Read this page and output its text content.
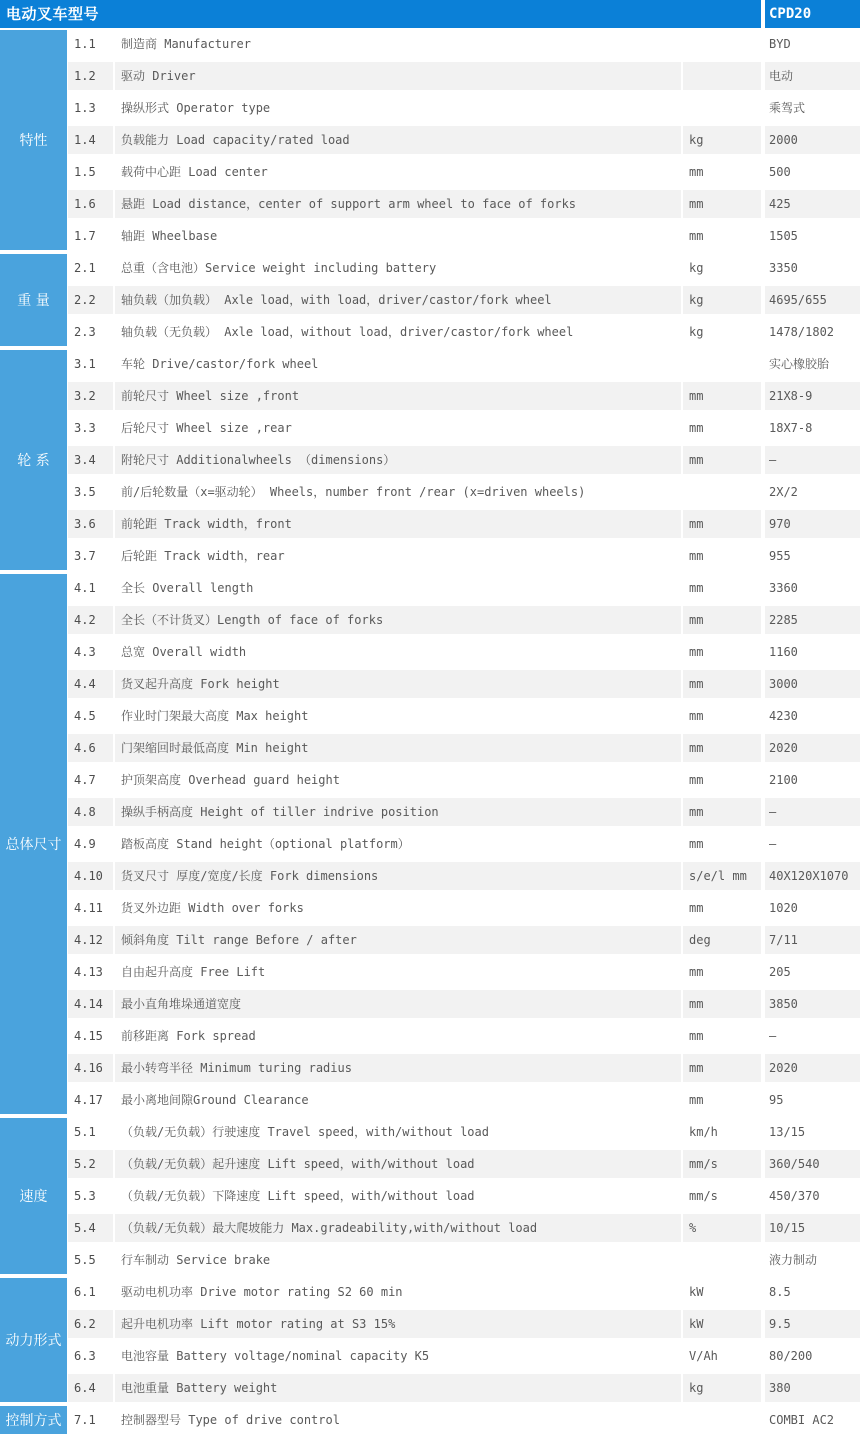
电动叉车型号	CPD20
特性
1.1	制造商 Manufacturer	BYD
1.2	驱动 Driver	电动
1.3	操纵形式 Operator type	乘驾式
1.4	负载能力 Load capacity/rated load	kg	2000
1.5	载荷中心距 Load center	mm	500
1.6	悬距 Load distance，center of support arm wheel to face of forks	mm	425
1.7	轴距 Wheelbase	mm	1505
重 量
2.1	总重（含电池）Service weight including battery	kg	3350
2.2	轴负载（加负载） Axle load，with load，driver/castor/fork wheel	kg	4695/655
2.3	轴负载（无负载） Axle load，without load，driver/castor/fork wheel	kg	1478/1802
轮 系
3.1	车轮 Drive/castor/fork wheel	实心橡胶胎
3.2	前轮尺寸 Wheel size ,front	mm	21X8-9
3.3	后轮尺寸 Wheel size ,rear	mm	18X7-8
3.4	附轮尺寸 Additionalwheels （dimensions）	mm	—
3.5	前/后轮数量（x=驱动轮） Wheels，number front /rear (x=driven wheels)	2X/2
3.6	前轮距 Track width，front	mm	970
3.7	后轮距 Track width，rear	mm	955
总体尺寸
4.1	全长 Overall length	mm	3360
4.2	全长（不计货叉）Length of face of forks	mm	2285
4.3	总宽 Overall width	mm	1160
4.4	货叉起升高度 Fork height	mm	3000
4.5	作业时门架最大高度 Max height	mm	4230
4.6	门架缩回时最低高度 Min height	mm	2020
4.7	护顶架高度 Overhead guard height	mm	2100
4.8	操纵手柄高度 Height of tiller indrive position	mm	—
4.9	踏板高度 Stand height（optional platform）	mm	—
4.10	货叉尺寸 厚度/宽度/长度 Fork dimensions	s/e/l mm	40X120X1070
4.11	货叉外边距 Width over forks	mm	1020
4.12	倾斜角度 Tilt range Before / after	deg	7/11
4.13	自由起升高度 Free Lift	mm	205
4.14	最小直角堆垛通道宽度	mm	3850
4.15	前移距离 Fork spread	mm	—
4.16	最小转弯半径 Minimum turing radius	mm	2020
4.17	最小离地间隙Ground Clearance	mm	95
速度
5.1	（负载/无负载）行驶速度 Travel speed，with/without load	km/h	13/15
5.2	（负载/无负载）起升速度 Lift speed，with/without load	mm/s	360/540
5.3	（负载/无负载）下降速度 Lift speed，with/without load	mm/s	450/370
5.4	（负载/无负载）最大爬坡能力 Max.gradeability,with/without load	%	10/15
5.5	行车制动 Service brake	液力制动
动力形式
6.1	驱动电机功率 Drive motor rating S2 60 min	kW	8.5
6.2	起升电机功率 Lift motor rating at S3 15%	kW	9.5
6.3	电池容量 Battery voltage/nominal capacity K5	V/Ah	80/200
6.4	电池重量 Battery weight	kg	380
控制方式	7.1	控制器型号 Type of drive control	COMBI AC2
